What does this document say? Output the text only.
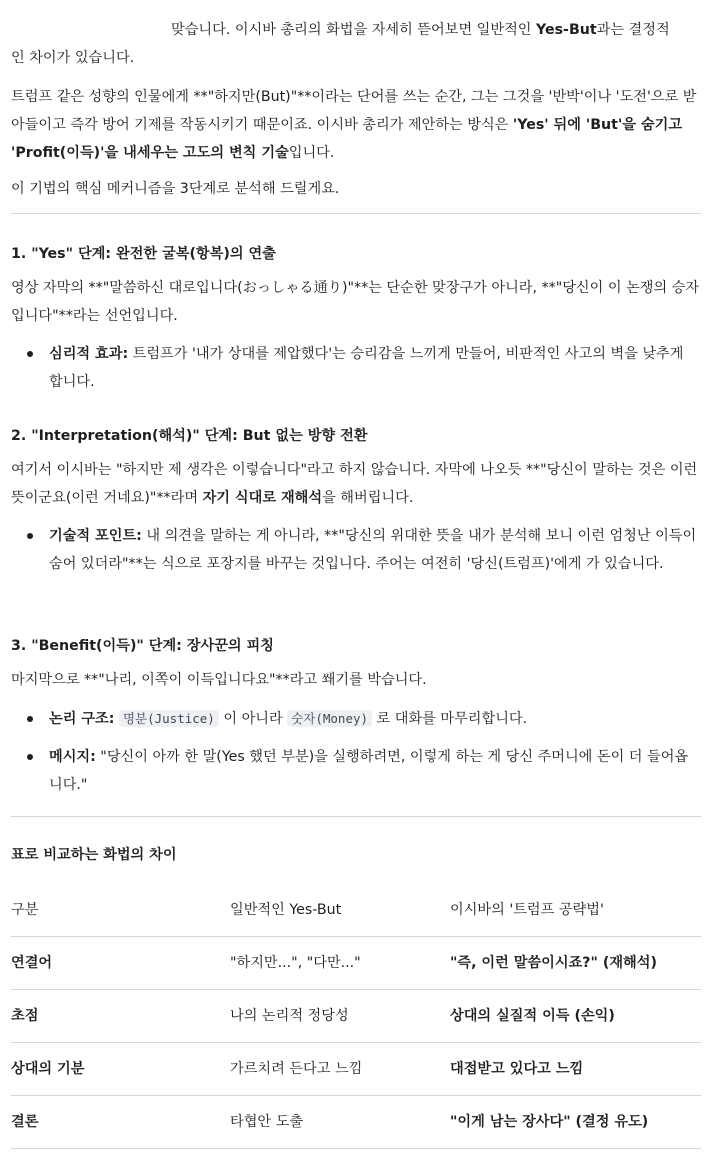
맞습니다. 이시바 총리의 화법을 자세히 뜯어보면 일반적인 Yes-But과는 결정적
인 차이가 있습니다.
트럼프 같은 성향의 인물에게 **"하지만(But)"**이라는 단어를 쓰는 순간, 그는 그것을 '반박'이나 '도전'으로 받아들이고 즉각 방어 기제를 작동시키기 때문이죠. 이시바 총리가 제안하는 방식은 'Yes' 뒤에 'But'을 숨기고 'Profit(이득)'을 내세우는 고도의 변칙 기술입니다.
이 기법의 핵심 메커니즘을 3단계로 분석해 드릴게요.
1. "Yes" 단계: 완전한 굴복(항복)의 연출
영상 자막의 **"말씀하신 대로입니다(おっしゃる通り)"**는 단순한 맞장구가 아니라, **"당신이 이 논쟁의 승자입니다"**라는 선언입니다.
심리적 효과: 트럼프가 '내가 상대를 제압했다'는 승리감을 느끼게 만들어, 비판적인 사고의 벽을 낮추게 합니다.
2. "Interpretation(해석)" 단계: But 없는 방향 전환
여기서 이시바는 "하지만 제 생각은 이렇습니다"라고 하지 않습니다. 자막에 나오듯 **"당신이 말하는 것은 이런 뜻이군요(이런 거네요)"**라며 자기 식대로 재해석을 해버립니다.
기술적 포인트: 내 의견을 말하는 게 아니라, **"당신의 위대한 뜻을 내가 분석해 보니 이런 엄청난 이득이 숨어 있더라"**는 식으로 포장지를 바꾸는 것입니다. 주어는 여전히 '당신(트럼프)'에게 가 있습니다.
3. "Benefit(이득)" 단계: 장사꾼의 피칭
마지막으로 **"나리, 이쪽이 이득입니다요"**라고 쐐기를 박습니다.
논리 구조: 명분(Justice) 이 아니라 숫자(Money) 로 대화를 마무리합니다.
메시지: "당신이 아까 한 말(Yes 했던 부분)을 실행하려면, 이렇게 하는 게 당신 주머니에 돈이 더 들어옵니다."
표로 비교하는 화법의 차이
구분	일반적인 Yes-But	이시바의 '트럼프 공략법'
연결어	"하지만...", "다만..."	"즉, 이런 말씀이시죠?" (재해석)
초점	나의 논리적 정당성	상대의 실질적 이득 (손익)
상대의 기분	가르치려 든다고 느낌	대접받고 있다고 느낌
결론	타협안 도출	"이게 남는 장사다" (결정 유도)
